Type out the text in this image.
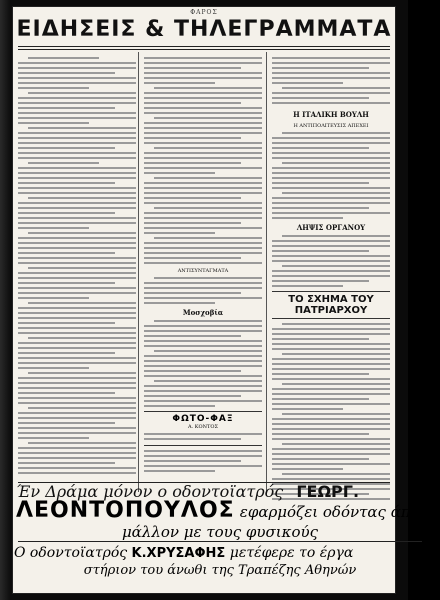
ΦΑΡΟΣ
ΕΙΔΗΣΕΙΣ & ΤΗΛΕΓΡΑΜΜΑΤΑ
ΑΝΤΙΣΥΝΤΑΓΜΑΤΑ
Μοσχοβία
ΦΩΤΟ-ΦΑΞ
Α. ΚΟΝΤΟΣ
Η ΙΤΑΛΙΚΗ ΒΟΥΛΗ
Η ΑΝΤΙΠΟΛΙΤΕΥΣΙΣ ΑΠΕΧΕΙ
ΛΗΨΙΣ ΟΡΓΑΝΟΥ
ΤΟ ΣΧΗΜΑ ΤΟΥ ΠΑΤΡΙΑΡΧΟΥ
Έν Δράμα μόνον ο οδοντοϊατρός ΓΕΩΡΓ.
ΛΕΟΝΤΟΠΟΥΛΟΣ εφαρμόζει οδόντας άπαρα
μάλλον με τους φυσικούς
Ο οδοντοϊατρός Κ.ΧΡΥΣΑΦΗΣ μετέφερε το έργα
στήριον του άνωθι της Τραπέζης Αθηνών
